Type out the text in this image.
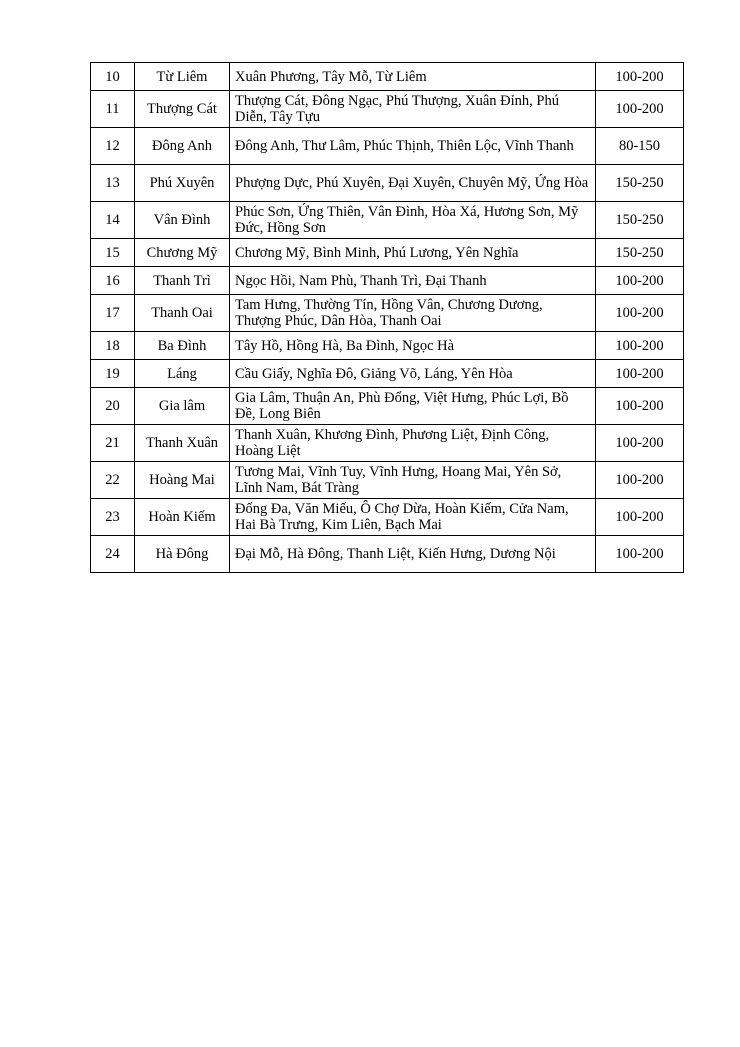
10	Từ Liêm	Xuân Phương, Tây Mỗ, Từ Liêm	100-200
11	Thượng Cát	Thượng Cát, Đông Ngạc, Phú Thượng, Xuân Đỉnh, Phú Diễn, Tây Tựu	100-200
12	Đông Anh	Đông Anh, Thư Lâm, Phúc Thịnh, Thiên Lộc, Vĩnh Thanh	80-150
13	Phú Xuyên	Phượng Dực, Phú Xuyên, Đại Xuyên, Chuyên Mỹ, Ứng Hòa	150-250
14	Vân Đình	Phúc Sơn, Ứng Thiên, Vân Đình, Hòa Xá, Hương Sơn, Mỹ Đức, Hồng Sơn	150-250
15	Chương Mỹ	Chương Mỹ, Bình Minh, Phú Lương, Yên Nghĩa	150-250
16	Thanh Trì	Ngọc Hồi, Nam Phù, Thanh Trì, Đại Thanh	100-200
17	Thanh Oai	Tam Hưng, Thường Tín, Hồng Vân, Chương Dương, Thượng Phúc, Dân Hòa, Thanh Oai	100-200
18	Ba Đình	Tây Hồ, Hồng Hà, Ba Đình, Ngọc Hà	100-200
19	Láng	Cầu Giấy, Nghĩa Đô, Giảng Võ, Láng, Yên Hòa	100-200
20	Gia lâm	Gia Lâm, Thuận An, Phù Đổng, Việt Hưng, Phúc Lợi, Bồ Đề, Long Biên	100-200
21	Thanh Xuân	Thanh Xuân, Khương Đình, Phương Liệt, Định Công, Hoàng Liệt	100-200
22	Hoàng Mai	Tương Mai, Vĩnh Tuy, Vĩnh Hưng, Hoang Mai, Yên Sở, Lĩnh Nam, Bát Tràng	100-200
23	Hoàn Kiếm	Đống Đa, Văn Miếu, Ô Chợ Dừa, Hoàn Kiếm, Cửa Nam, Hai Bà Trưng, Kim Liên, Bạch Mai	100-200
24	Hà Đông	Đại Mỗ, Hà Đông, Thanh Liệt, Kiến Hưng, Dương Nội	100-200
